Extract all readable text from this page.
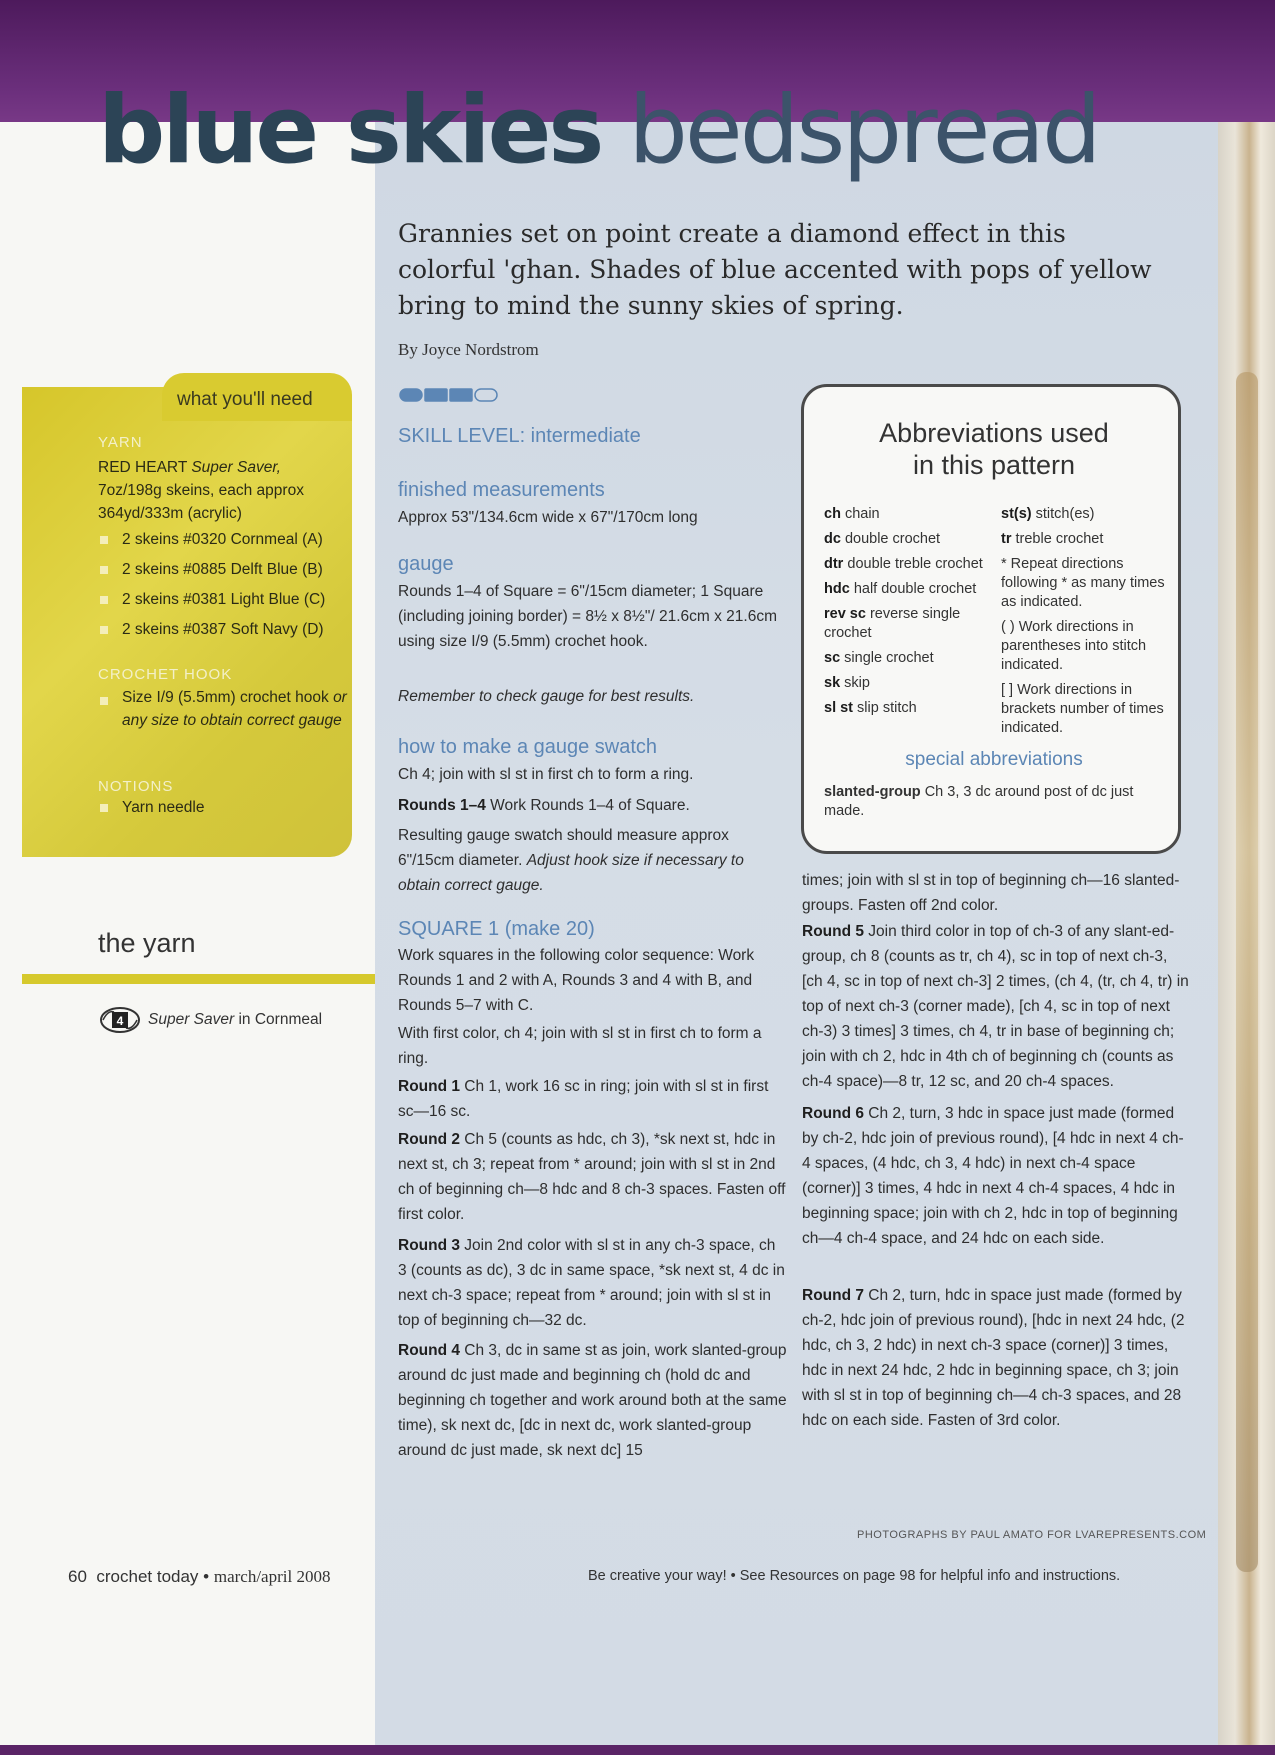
blue skies bedspread
Grannies set on point create a diamond effect in this colorful 'ghan. Shades of blue accented with pops of yellow bring to mind the sunny skies of spring.
By Joyce Nordstrom
what you'll need
YARN
RED HEART Super Saver, 7oz/198g skeins, each approx 364yd/333m (acrylic)
2 skeins #0320 Cornmeal (A)
2 skeins #0885 Delft Blue (B)
2 skeins #0381 Light Blue (C)
2 skeins #0387 Soft Navy (D)
CROCHET HOOK
Size I/9 (5.5mm) crochet hook or any size to obtain correct gauge
NOTIONS
Yarn needle
the yarn
4 Super Saver in Cornmeal
SKILL LEVEL: intermediate
finished measurements
Approx 53"/134.6cm wide x 67"/170cm long
gauge
Rounds 1–4 of Square = 6"/15cm diameter; 1 Square (including joining border) = 8½ x 8½"/ 21.6cm x 21.6cm using size I/9 (5.5mm) crochet hook.
Remember to check gauge for best results.
how to make a gauge swatch
Ch 4; join with sl st in first ch to form a ring.
Rounds 1–4 Work Rounds 1–4 of Square.
Resulting gauge swatch should measure approx 6"/15cm diameter. Adjust hook size if necessary to obtain correct gauge.
SQUARE 1 (make 20)
Work squares in the following color sequence: Work Rounds 1 and 2 with A, Rounds 3 and 4 with B, and Rounds 5–7 with C.
With first color, ch 4; join with sl st in first ch to form a ring.
Round 1 Ch 1, work 16 sc in ring; join with sl st in first sc—16 sc.
Round 2 Ch 5 (counts as hdc, ch 3), *sk next st, hdc in next st, ch 3; repeat from * around; join with sl st in 2nd ch of beginning ch—8 hdc and 8 ch-3 spaces. Fasten off first color.
Round 3 Join 2nd color with sl st in any ch-3 space, ch 3 (counts as dc), 3 dc in same space, *sk next st, 4 dc in next ch-3 space; repeat from * around; join with sl st in top of beginning ch—32 dc.
Round 4 Ch 3, dc in same st as join, work slanted-group around dc just made and beginning ch (hold dc and beginning ch together and work around both at the same time), sk next dc, [dc in next dc, work slanted-group around dc just made, sk next dc] 15
times; join with sl st in top of beginning ch—16 slanted-groups. Fasten off 2nd color.
Round 5 Join third color in top of ch-3 of any slant-ed-group, ch 8 (counts as tr, ch 4), sc in top of next ch-3, [ch 4, sc in top of next ch-3] 2 times, (ch 4, (tr, ch 4, tr) in top of next ch-3 (corner made), [ch 4, sc in top of next ch-3) 3 times] 3 times, ch 4, tr in base of beginning ch; join with ch 2, hdc in 4th ch of beginning ch (counts as ch-4 space)—8 tr, 12 sc, and 20 ch-4 spaces.
Round 6 Ch 2, turn, 3 hdc in space just made (formed by ch-2, hdc join of previous round), [4 hdc in next 4 ch-4 spaces, (4 hdc, ch 3, 4 hdc) in next ch-4 space (corner)] 3 times, 4 hdc in next 4 ch-4 spaces, 4 hdc in beginning space; join with ch 2, hdc in top of beginning ch—4 ch-4 space, and 24 hdc on each side.
Round 7 Ch 2, turn, hdc in space just made (formed by ch-2, hdc join of previous round), [hdc in next 24 hdc, (2 hdc, ch 3, 2 hdc) in next ch-3 space (corner)] 3 times, hdc in next 24 hdc, 2 hdc in beginning space, ch 3; join with sl st in top of beginning ch—4 ch-3 spaces, and 28 hdc on each side. Fasten of 3rd color.
Abbreviations used
in this pattern
ch chain
dc double crochet
dtr double treble crochet
hdc half double crochet
rev sc reverse single crochet
sc single crochet
sk skip
sl st slip stitch
st(s) stitch(es)
tr treble crochet
* Repeat directions following * as many times as indicated.
( ) Work directions in parentheses into stitch indicated.
[ ] Work directions in brackets number of times indicated.
special abbreviations
slanted-group Ch 3, 3 dc around post of dc just made.
PHOTOGRAPHS BY PAUL AMATO FOR LVAREPRESENTS.COM
60 crochet today • march/april 2008	Be creative your way! • See Resources on page 98 for helpful info and instructions.
